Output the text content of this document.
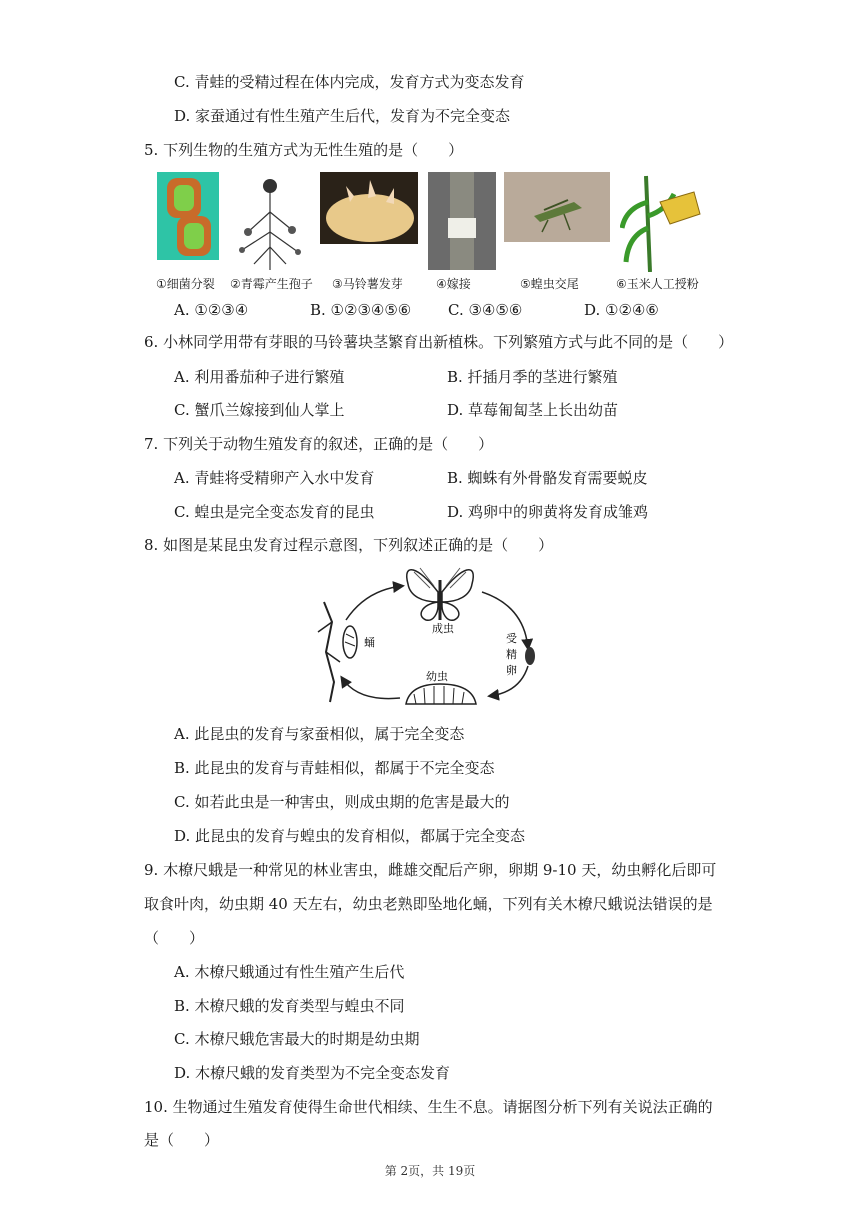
C. 青蛙的受精过程在体内完成，发育方式为变态发育
D. 家蚕通过有性生殖产生后代，发育为不完全变态
5. 下列生物的生殖方式为无性生殖的是（　　）
①细菌分裂 ②青霉产生孢子 ③马铃薯发芽	④嫁接	⑤蝗虫交尾	⑥玉米人工授粉
A. ①②③④	B. ①②③④⑤⑥ C. ③④⑤⑥	D. ①②④⑥
6. 小林同学用带有芽眼的马铃薯块茎繁育出新植株。下列繁殖方式与此不同的是（　　）
A. 利用番茄种子进行繁殖	B. 扦插月季的茎进行繁殖
C. 蟹爪兰嫁接到仙人掌上	D. 草莓匍匐茎上长出幼苗
7. 下列关于动物生殖发育的叙述，正确的是（　　）
A. 青蛙将受精卵产入水中发育	B. 蜘蛛有外骨骼发育需要蜕皮
C. 蝗虫是完全变态发育的昆虫	D. 鸡卵中的卵黄将发育成雏鸡
8. 如图是某昆虫发育过程示意图，下列叙述正确的是（　　）
成虫
受
精
卵
幼虫
蛹
A. 此昆虫的发育与家蚕相似，属于完全变态
B. 此昆虫的发育与青蛙相似，都属于不完全变态
C. 如若此虫是一种害虫，则成虫期的危害是最大的
D. 此昆虫的发育与蝗虫的发育相似，都属于完全变态
9. 木橑尺蛾是一种常见的林业害虫，雌雄交配后产卵，卵期 9-10 天，幼虫孵化后即可
取食叶肉，幼虫期 40 天左右，幼虫老熟即坠地化蛹，下列有关木橑尺蛾说法错误的是
（　　）
A. 木橑尺蛾通过有性生殖产生后代
B. 木橑尺蛾的发育类型与蝗虫不同
C. 木橑尺蛾危害最大的时期是幼虫期
D. 木橑尺蛾的发育类型为不完全变态发育
10. 生物通过生殖发育使得生命世代相续、生生不息。请据图分析下列有关说法正确的
是（　　）
第 2页，共 19页
